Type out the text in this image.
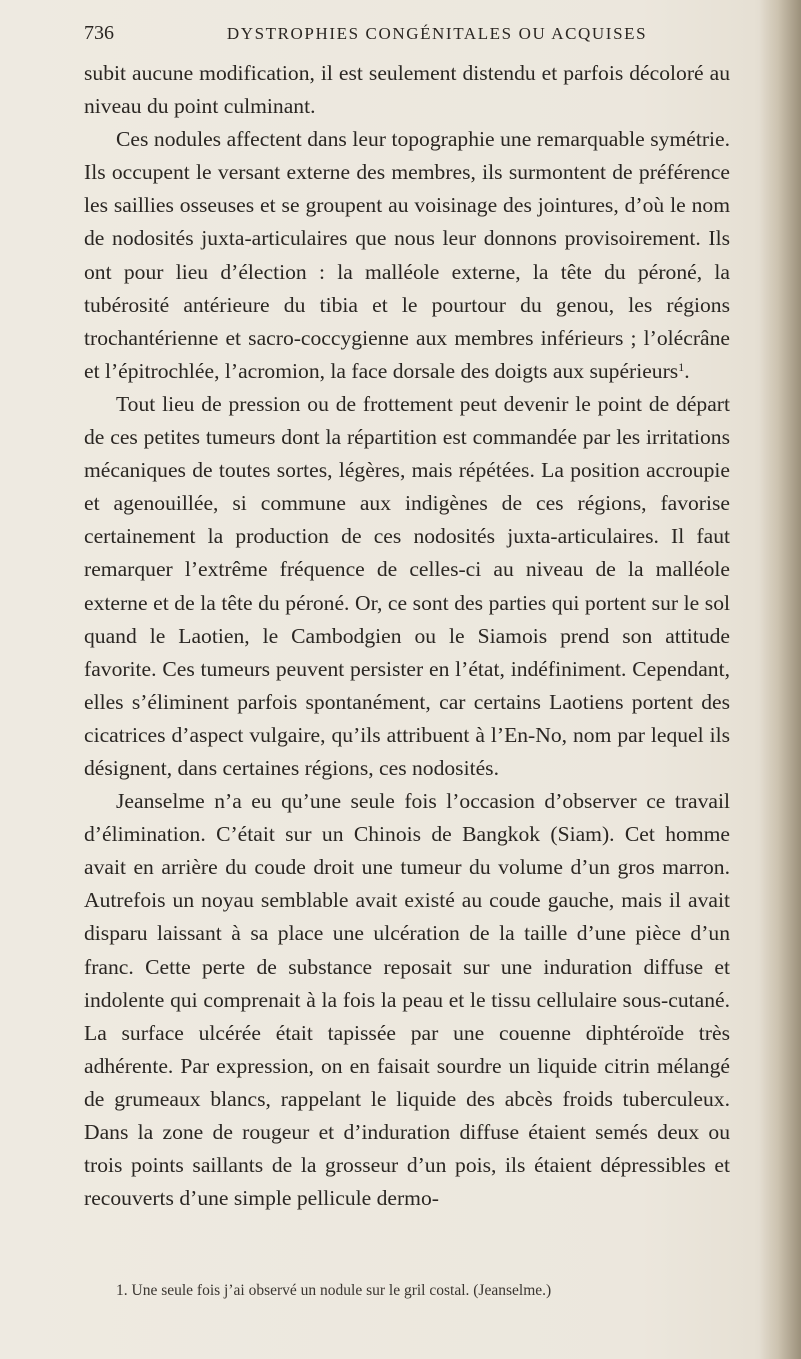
736	DYSTROPHIES CONGÉNITALES OU ACQUISES

subit aucune modification, il est seulement distendu et parfois décoloré au niveau du point culminant.

Ces nodules affectent dans leur topographie une remarquable symétrie. Ils occupent le versant externe des membres, ils surmontent de préférence les saillies osseuses et se groupent au voisinage des jointures, d’où le nom de nodosités juxta-articulaires que nous leur donnons provisoirement. Ils ont pour lieu d’élection : la malléole externe, la tête du péroné, la tubérosité antérieure du tibia et le pourtour du genou, les régions trochantérienne et sacro-coccygienne aux membres inférieurs ; l’olécrâne et l’épitrochlée, l’acromion, la face dorsale des doigts aux supérieurs$^1$.

Tout lieu de pression ou de frottement peut devenir le point de départ de ces petites tumeurs dont la répartition est commandée par les irritations mécaniques de toutes sortes, légères, mais répétées. La position accroupie et agenouillée, si commune aux indigènes de ces régions, favorise certainement la production de ces nodosités juxta-articulaires. Il faut remarquer l’extrême fréquence de celles-ci au niveau de la malléole externe et de la tête du péroné. Or, ce sont des parties qui portent sur le sol quand le Laotien, le Cambodgien ou le Siamois prend son attitude favorite. Ces tumeurs peuvent persister en l’état, indéfiniment. Cependant, elles s’éliminent parfois spontanément, car certains Laotiens portent des cicatrices d’aspect vulgaire, qu’ils attribuent à l’En-No, nom par lequel ils désignent, dans certaines régions, ces nodosités.

Jeanselme n’a eu qu’une seule fois l’occasion d’observer ce travail d’élimination. C’était sur un Chinois de Bangkok (Siam). Cet homme avait en arrière du coude droit une tumeur du volume d’un gros marron. Autrefois un noyau semblable avait existé au coude gauche, mais il avait disparu laissant à sa place une ulcération de la taille d’une pièce d’un franc. Cette perte de substance reposait sur une induration diffuse et indolente qui comprenait à la fois la peau et le tissu cellulaire sous-cutané. La surface ulcérée était tapissée par une couenne diphtéroïde très adhérente. Par expression, on en faisait sourdre un liquide citrin mélangé de grumeaux blancs, rappelant le liquide des abcès froids tuberculeux. Dans la zone de rougeur et d’induration diffuse étaient semés deux ou trois points saillants de la grosseur d’un pois, ils étaient dépressibles et recouverts d’une simple pellicule dermo-

1. Une seule fois j’ai observé un nodule sur le gril costal. (Jeanselme.)
